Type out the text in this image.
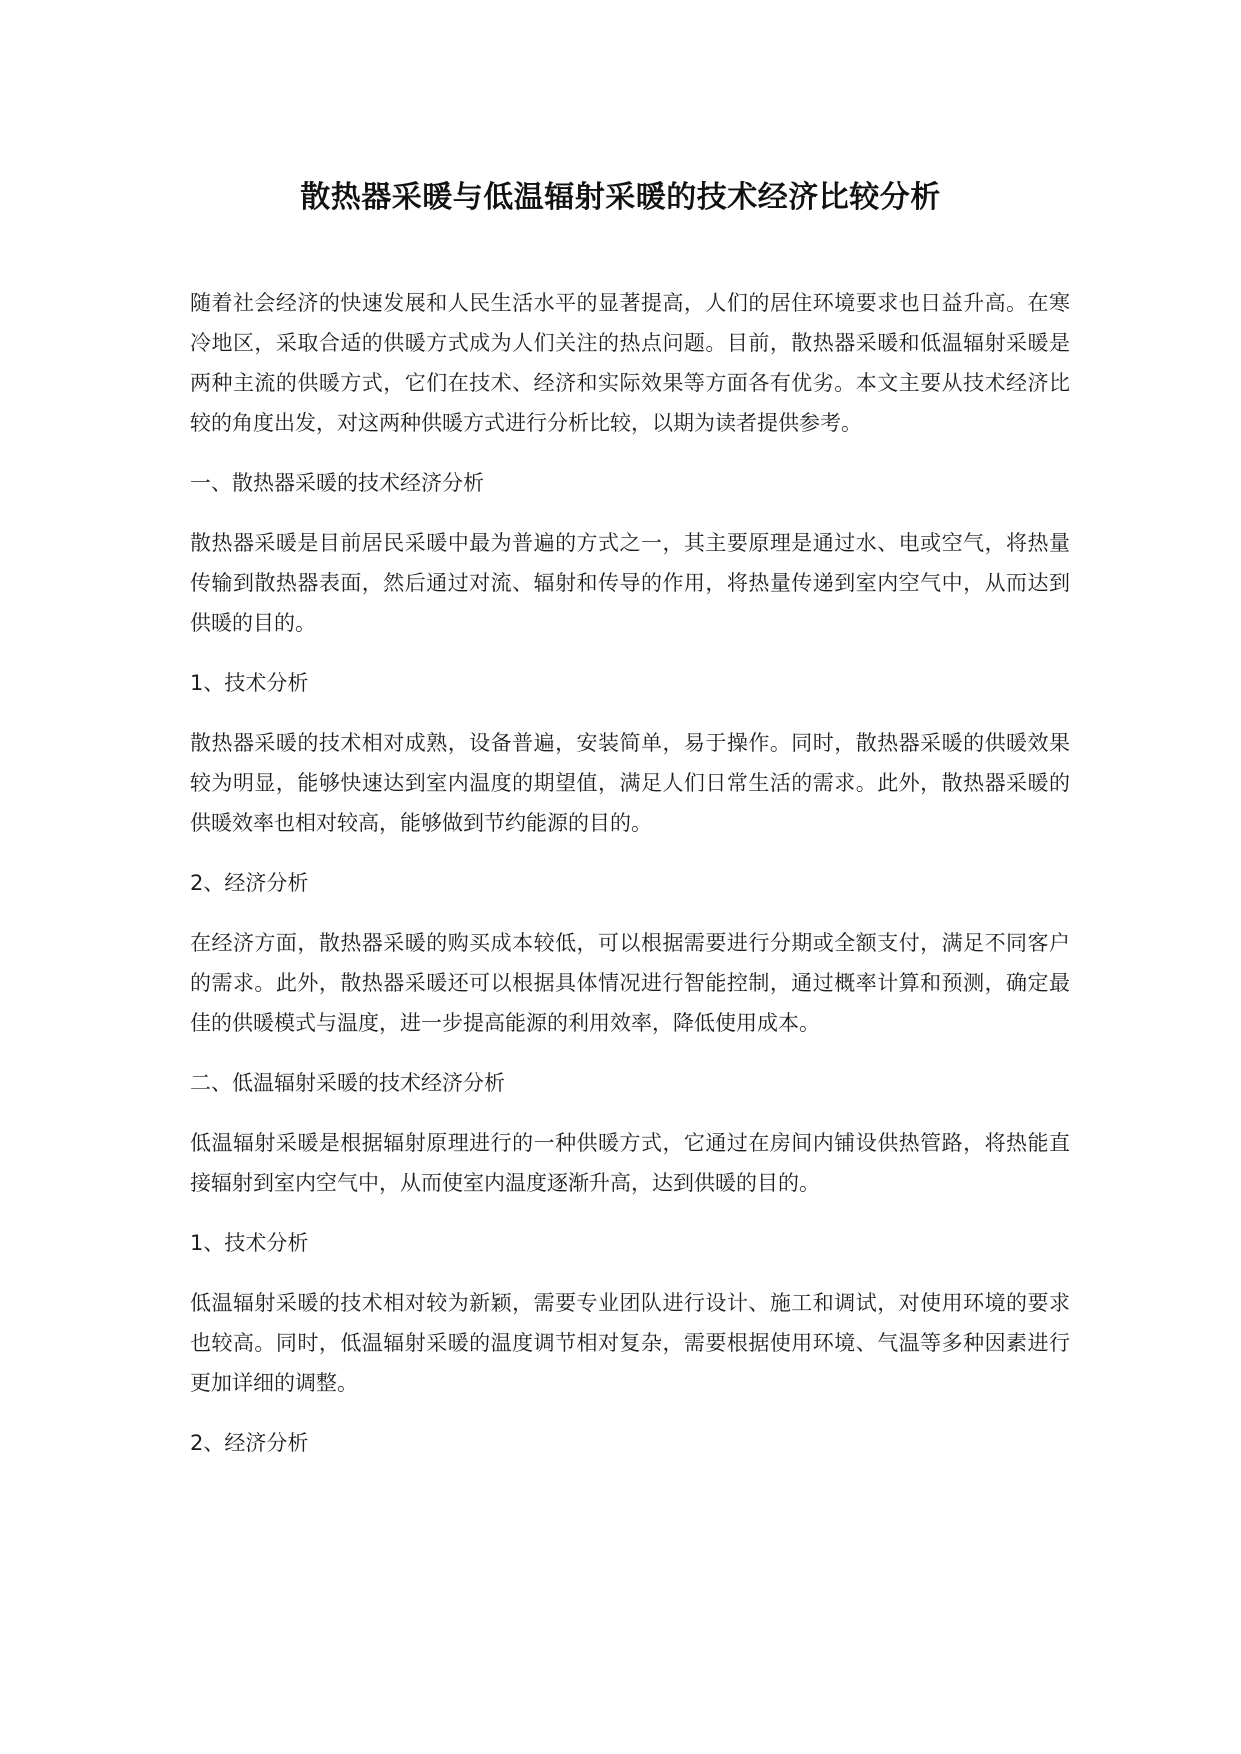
散热器采暖与低温辐射采暖的技术经济比较分析

随着社会经济的快速发展和人民生活水平的显著提高，人们的居住环境要求也日益升高。在寒冷地区，采取合适的供暖方式成为人们关注的热点问题。目前，散热器采暖和低温辐射采暖是两种主流的供暖方式，它们在技术、经济和实际效果等方面各有优劣。本文主要从技术经济比较的角度出发，对这两种供暖方式进行分析比较，以期为读者提供参考。

一、散热器采暖的技术经济分析

散热器采暖是目前居民采暖中最为普遍的方式之一，其主要原理是通过水、电或空气，将热量传输到散热器表面，然后通过对流、辐射和传导的作用，将热量传递到室内空气中，从而达到供暖的目的。

1、技术分析

散热器采暖的技术相对成熟，设备普遍，安装简单，易于操作。同时，散热器采暖的供暖效果较为明显，能够快速达到室内温度的期望值，满足人们日常生活的需求。此外，散热器采暖的供暖效率也相对较高，能够做到节约能源的目的。

2、经济分析

在经济方面，散热器采暖的购买成本较低，可以根据需要进行分期或全额支付，满足不同客户的需求。此外，散热器采暖还可以根据具体情况进行智能控制，通过概率计算和预测，确定最佳的供暖模式与温度，进一步提高能源的利用效率，降低使用成本。

二、低温辐射采暖的技术经济分析

低温辐射采暖是根据辐射原理进行的一种供暖方式，它通过在房间内铺设供热管路，将热能直接辐射到室内空气中，从而使室内温度逐渐升高，达到供暖的目的。

1、技术分析

低温辐射采暖的技术相对较为新颖，需要专业团队进行设计、施工和调试，对使用环境的要求也较高。同时，低温辐射采暖的温度调节相对复杂，需要根据使用环境、气温等多种因素进行更加详细的调整。

2、经济分析
